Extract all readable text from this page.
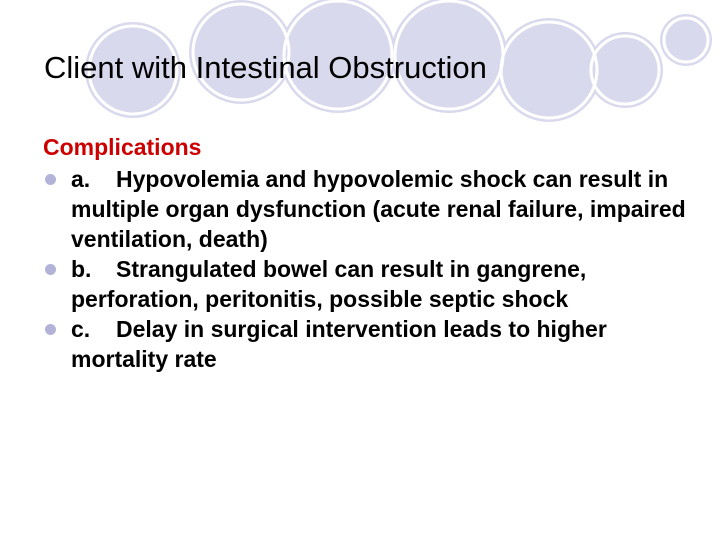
Client with Intestinal Obstruction

Complications

a. Hypovolemia and hypovolemic shock can result in multiple organ dysfunction (acute renal failure, impaired ventilation, death)
b. Strangulated bowel can result in gangrene, perforation, peritonitis, possible septic shock
c. Delay in surgical intervention leads to higher mortality rate
